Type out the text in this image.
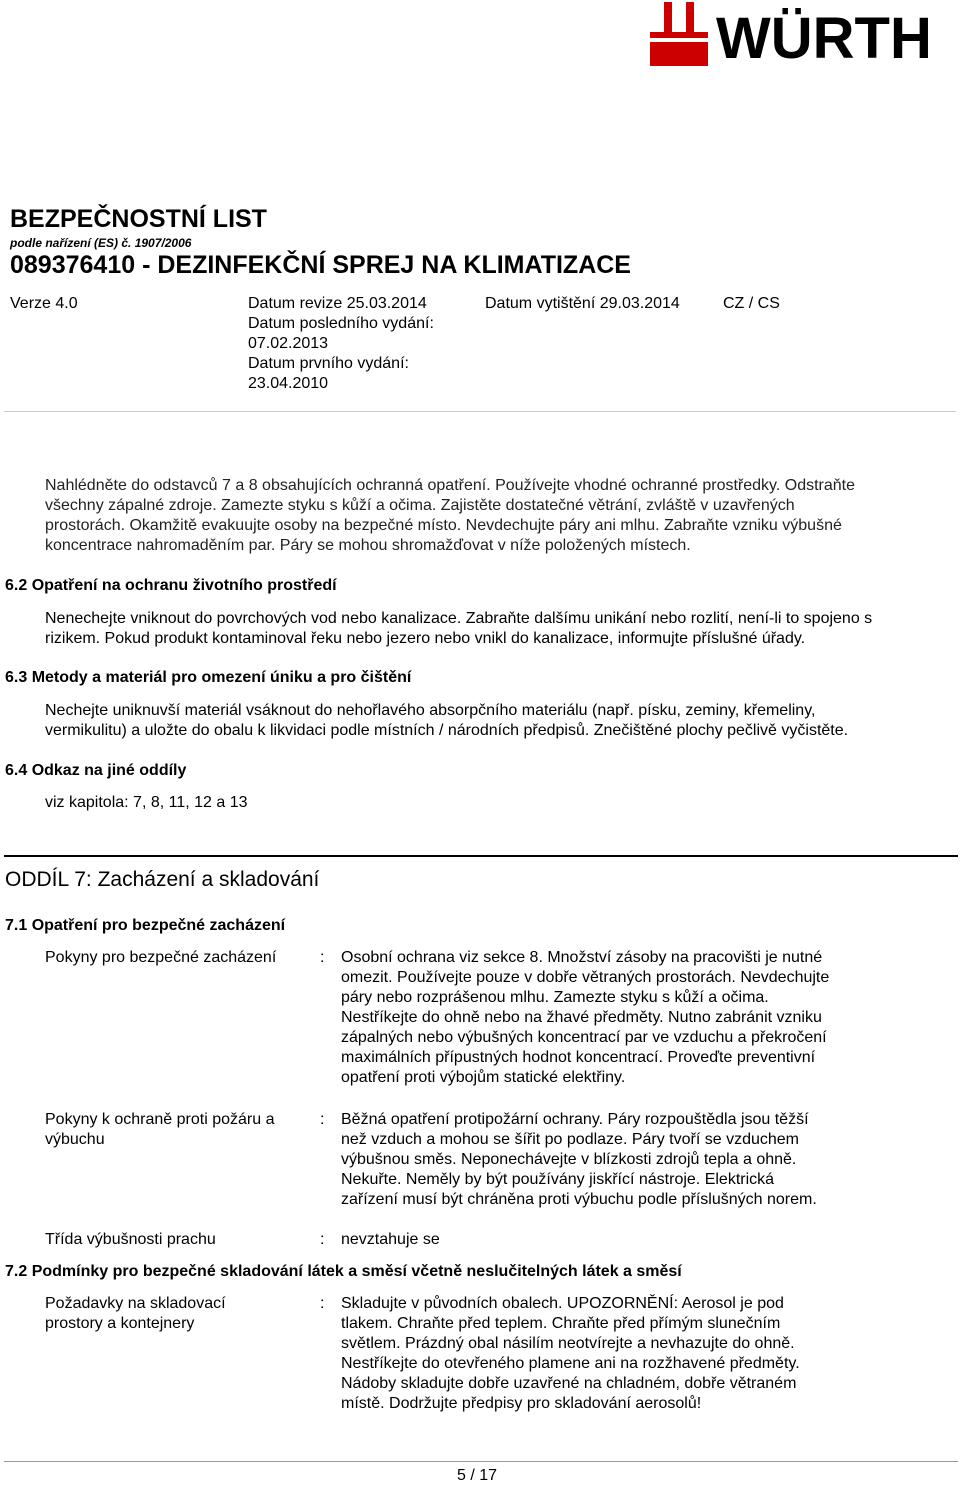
WÜRTH
BEZPEČNOSTNÍ LIST
podle nařízení (ES) č. 1907/2006
089376410 - DEZINFEKČNÍ SPREJ NA KLIMATIZACE
Verze 4.0	Datum revize 25.03.2014
Datum posledního vydání:
07.02.2013
Datum prvního vydání:
23.04.2010
Datum vytištění 29.03.2014	CZ / CS
Nahlédněte do odstavců 7 a 8 obsahujících ochranná opatření. Používejte vhodné ochranné prostředky. Odstraňte
všechny zápalné zdroje. Zamezte styku s kůží a očima. Zajistěte dostatečné větrání, zvláště v uzavřených
prostorách. Okamžitě evakuujte osoby na bezpečné místo. Nevdechujte páry ani mlhu. Zabraňte vzniku výbušné
koncentrace nahromaděním par. Páry se mohou shromažďovat v níže položených místech.
6.2 Opatření na ochranu životního prostředí
Nenechejte vniknout do povrchových vod nebo kanalizace. Zabraňte dalšímu unikání nebo rozlití, není-li to spojeno s
rizikem. Pokud produkt kontaminoval řeku nebo jezero nebo vnikl do kanalizace, informujte příslušné úřady.
6.3 Metody a materiál pro omezení úniku a pro čištění
Nechejte uniknuvší materiál vsáknout do nehořlavého absorpčního materiálu (např. písku, zeminy, křemeliny,
vermikulitu) a uložte do obalu k likvidaci podle místních / národních předpisů. Znečištěné plochy pečlivě vyčistěte.
6.4 Odkaz na jiné oddíly
viz kapitola: 7, 8, 11, 12 a 13
ODDÍL 7: Zacházení a skladování
7.1 Opatření pro bezpečné zacházení
Pokyny pro bezpečné zacházení	: Osobní ochrana viz sekce 8. Množství zásoby na pracovišti je nutné
omezit. Používejte pouze v dobře větraných prostorách. Nevdechujte
páry nebo rozprášenou mlhu. Zamezte styku s kůží a očima.
Nestříkejte do ohně nebo na žhavé předměty. Nutno zabránit vzniku
zápalných nebo výbušných koncentrací par ve vzduchu a překročení
maximálních přípustných hodnot koncentrací. Proveďte preventivní
opatření proti výbojům statické elektřiny.
Pokyny k ochraně proti požáru a
výbuchu
: Běžná opatření protipožární ochrany. Páry rozpouštědla jsou těžší
než vzduch a mohou se šířit po podlaze. Páry tvoří se vzduchem
výbušnou směs. Neponechávejte v blízkosti zdrojů tepla a ohně.
Nekuřte. Neměly by být používány jiskřící nástroje. Elektrická
zařízení musí být chráněna proti výbuchu podle příslušných norem.
Třída výbušnosti prachu	: nevztahuje se
7.2 Podmínky pro bezpečné skladování látek a směsí včetně neslučitelných látek a směsí
Požadavky na skladovací
prostory a kontejnery
: Skladujte v původních obalech. UPOZORNĚNÍ: Aerosol je pod
tlakem. Chraňte před teplem. Chraňte před přímým slunečním
světlem. Prázdný obal násilím neotvírejte a nevhazujte do ohně.
Nestříkejte do otevřeného plamene ani na rozžhavené předměty.
Nádoby skladujte dobře uzavřené na chladném, dobře větraném
místě. Dodržujte předpisy pro skladování aerosolů!
5 / 17
